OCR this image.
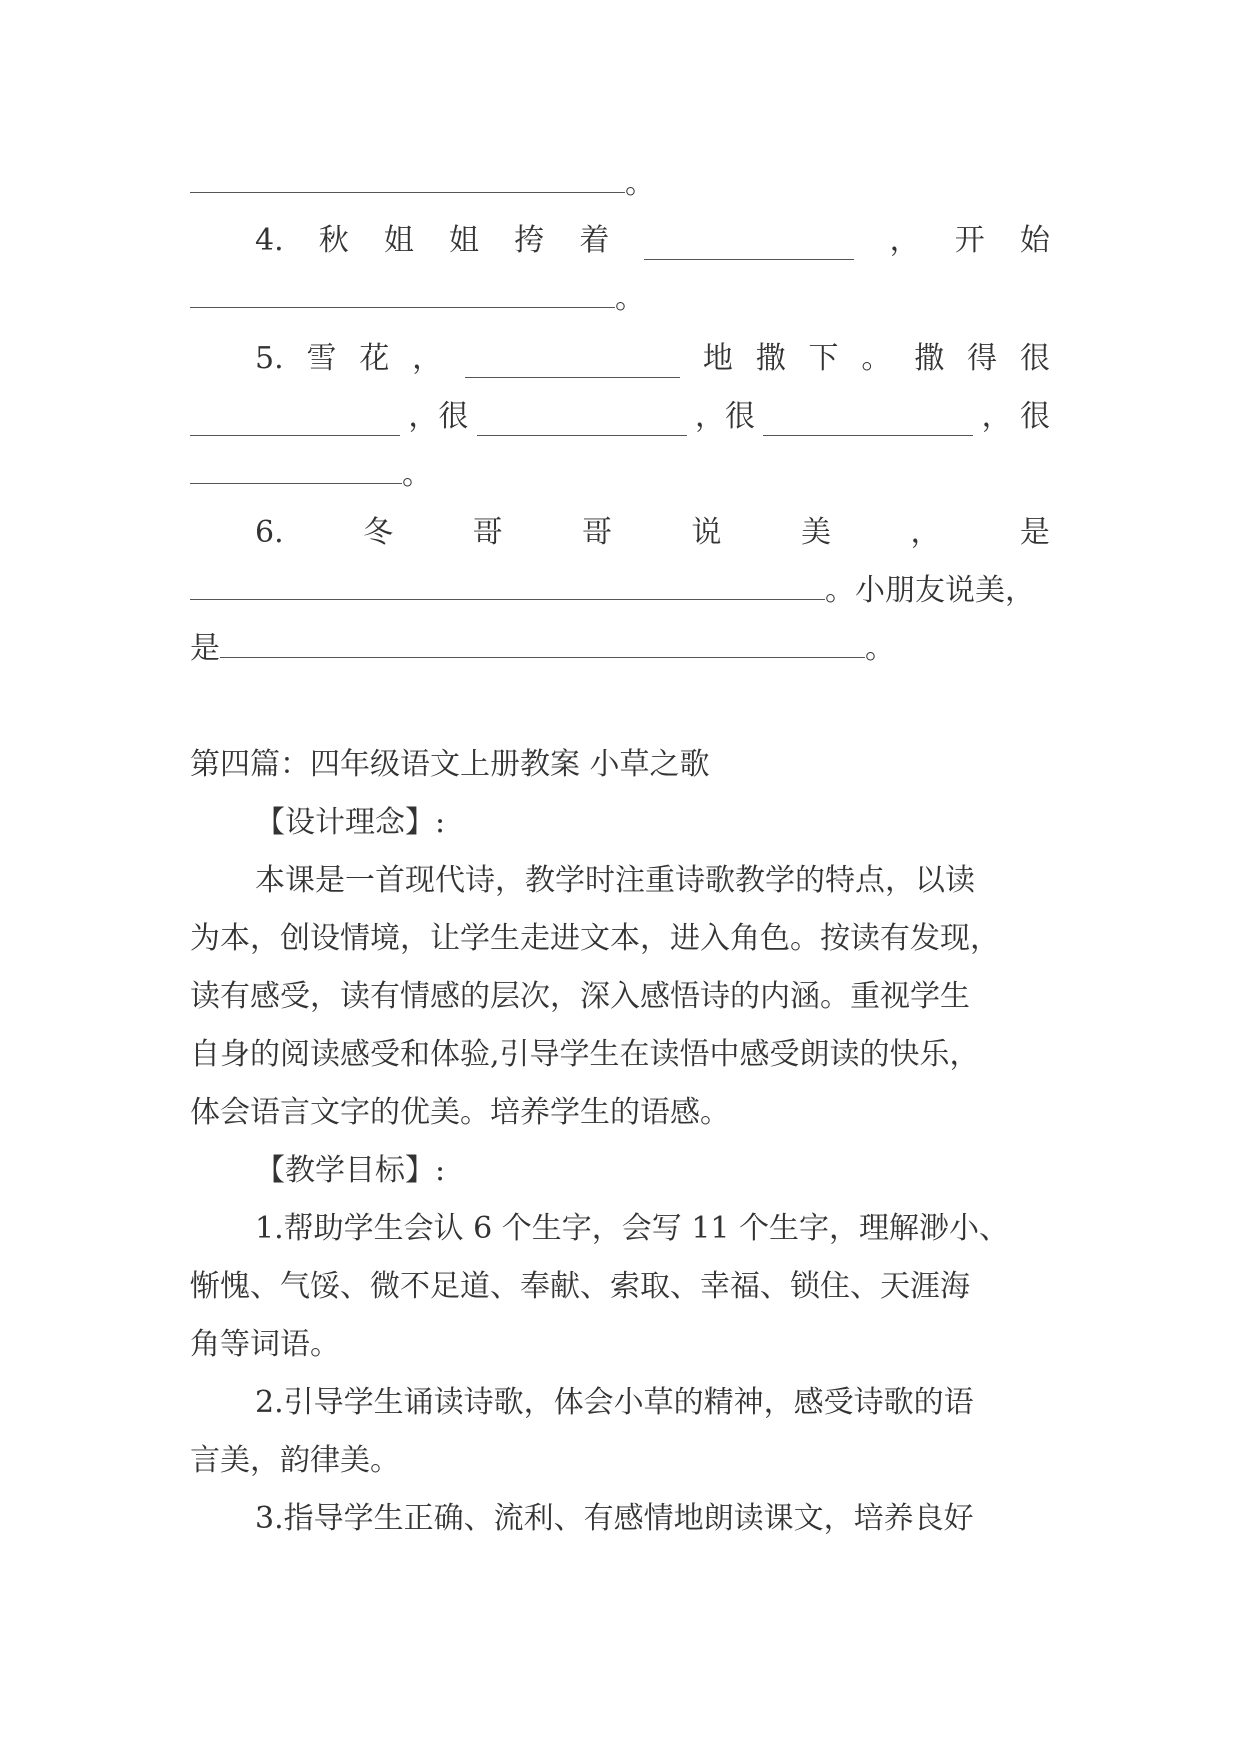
。
4. 秋 姐 姐 挎 着	， 开 始
。
5. 雪 花 ，	地 撒 下 。 撒 得 很
，很	，很	， 很
。
6.	冬	哥	哥	说	美	，	是
。小朋友说美，
是	。
第四篇：四年级语文上册教案 小草之歌
【设计理念】:
本课是一首现代诗，教学时注重诗歌教学的特点，以读
为本，创设情境，让学生走进文本，进入角色。按读有发现，
读有感受，读有情感的层次，深入感悟诗的内涵。重视学生
自身的阅读感受和体验,引导学生在读悟中感受朗读的快乐，
体会语言文字的优美。培养学生的语感。
【教学目标】:
1.帮助学生会认 6 个生字，会写 11 个生字，理解渺小、
惭愧、气馁、微不足道、奉献、索取、幸福、锁住、天涯海
角等词语。
2.引导学生诵读诗歌，体会小草的精神，感受诗歌的语
言美，韵律美。
3.指导学生正确、流利、有感情地朗读课文，培养良好
